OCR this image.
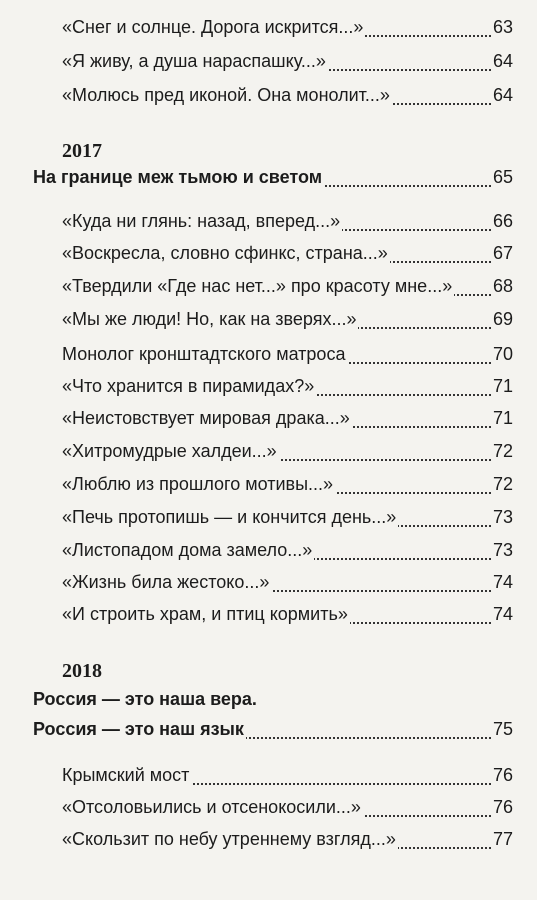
«Снег и солнце. Дорога искрится...»	63
«Я живу, а душа нараспашку...»	64
«Молюсь пред иконой. Она монолит...»	64
2017
На границе меж тьмою и светом	65
«Куда ни глянь: назад, вперед...»	66
«Воскресла, словно сфинкс, страна...»	67
«Твердили «Где нас нет...» про красоту мне...» 68
«Мы же люди! Но, как на зверях...»	69
Монолог кронштадтского матроса	70
«Что хранится в пирамидах?»	71
«Неистовствует мировая драка...»	71
«Хитромудрые халдеи...»	72
«Люблю из прошлого мотивы...»	72
«Печь протопишь — и кончится день...»	73
«Листопадом дома замело...»	73
«Жизнь била жестоко...»	74
«И строить храм, и птиц кормить»	74
2018
Россия — это наша вера.
Россия — это наш язык	75
Крымский мост	76
«Отсоловьились и отсенокосили...»	76
«Скользит по небу утреннему взгляд...»	77
